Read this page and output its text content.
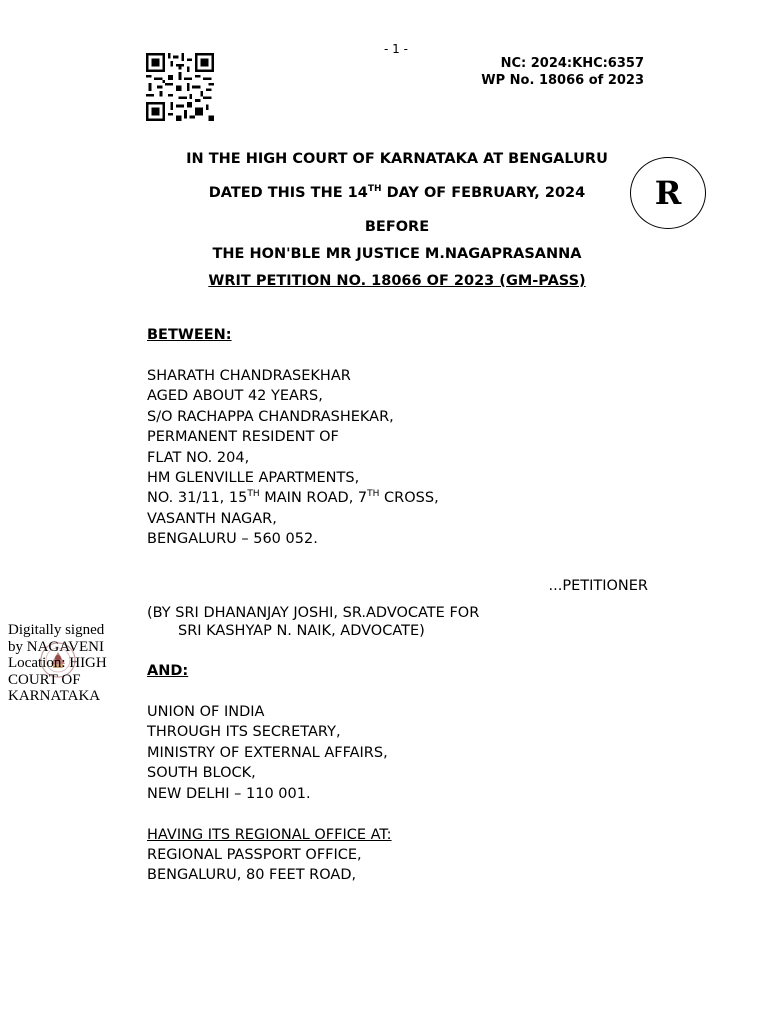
- 1 -
NC: 2024:KHC:6357
WP No. 18066 of 2023
IN THE HIGH COURT OF KARNATAKA AT BENGALURU
DATED THIS THE 14TH DAY OF FEBRUARY, 2024
BEFORE
THE HON'BLE MR JUSTICE M.NAGAPRASANNA
WRIT PETITION NO. 18066 OF 2023 (GM-PASS)
R
BETWEEN:
SHARATH CHANDRASEKHAR
AGED ABOUT 42 YEARS,
S/O RACHAPPA CHANDRASHEKAR,
PERMANENT RESIDENT OF
FLAT NO. 204,
HM GLENVILLE APARTMENTS,
NO. 31/11, 15TH MAIN ROAD, 7TH CROSS,
VASANTH NAGAR,
BENGALURU – 560 052.
...PETITIONER
(BY SRI DHANANJAY JOSHI, SR.ADVOCATE FOR
SRI KASHYAP N. NAIK, ADVOCATE)
Digitally signed
by NAGAVENI
Location: HIGH
COURT OF
KARNATAKA
AND:
UNION OF INDIA
THROUGH ITS SECRETARY,
MINISTRY OF EXTERNAL AFFAIRS,
SOUTH BLOCK,
NEW DELHI – 110 001.
HAVING ITS REGIONAL OFFICE AT:
REGIONAL PASSPORT OFFICE,
BENGALURU, 80 FEET ROAD,
